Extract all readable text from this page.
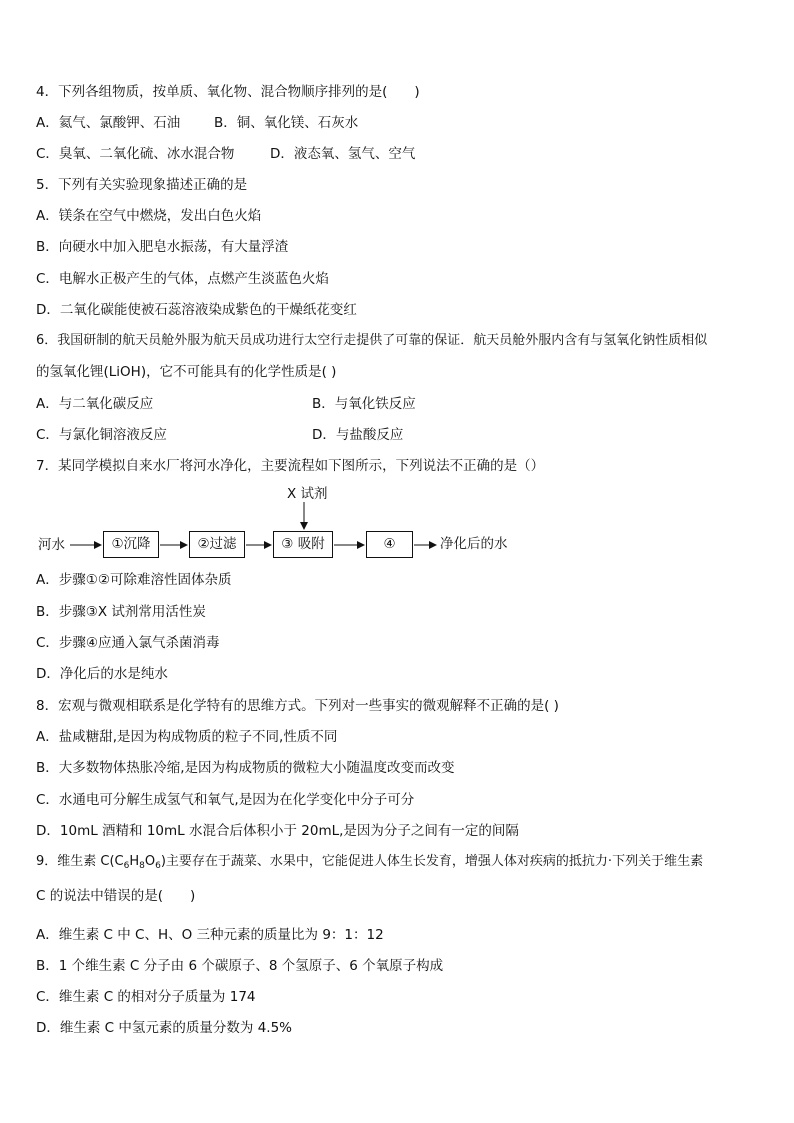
4．下列各组物质，按单质、氧化物、混合物顺序排列的是(　　)
A．氦气、氯酸钾、石油	B．铜、氧化镁、石灰水
C．臭氧、二氧化硫、冰水混合物	D．液态氧、氢气、空气
5．下列有关实验现象描述正确的是
A．镁条在空气中燃烧，发出白色火焰
B．向硬水中加入肥皂水振荡，有大量浮渣
C．电解水正极产生的气体，点燃产生淡蓝色火焰
D．二氧化碳能使被石蕊溶液染成紫色的干燥纸花变红
6．我国研制的航天员舱外服为航天员成功进行太空行走提供了可靠的保证．航天员舱外服内含有与氢氧化钠性质相似
的氢氧化锂(LiOH)，它不可能具有的化学性质是( )
A．与二氧化碳反应	B．与氧化铁反应
C．与氯化铜溶液反应	D．与盐酸反应
7．某同学模拟自来水厂将河水净化，主要流程如下图所示，下列说法不正确的是（）
X 试剂
河水	①沉降	②过滤	③ 吸附	④	净化后的水
A．步骤①②可除难溶性固体杂质
B．步骤③X 试剂常用活性炭
C．步骤④应通入氯气杀菌消毒
D．净化后的水是纯水
8．宏观与微观相联系是化学特有的思维方式。下列对一些事实的微观解释不正确的是( )
A．盐咸糖甜,是因为构成物质的粒子不同,性质不同
B．大多数物体热胀冷缩,是因为构成物质的微粒大小随温度改变而改变
C．水通电可分解生成氢气和氧气,是因为在化学变化中分子可分
D．10mL 酒精和 10mL 水混合后体积小于 20mL,是因为分子之间有一定的间隔
9．维生素 $C(C_6H_8O_6)$主要存在于蔬菜、水果中，它能促进人体生长发育，增强人体对疾病的抵抗力·下列关于维生素
C 的说法中错误的是(　　)
A．维生素 C 中 C、H、O 三种元素的质量比为 9：1：12
B．1 个维生素 C 分子由 6 个碳原子、8 个氢原子、6 个氧原子构成
C．维生素 C 的相对分子质量为 174
D．维生素 C 中氢元素的质量分数为 4.5%
